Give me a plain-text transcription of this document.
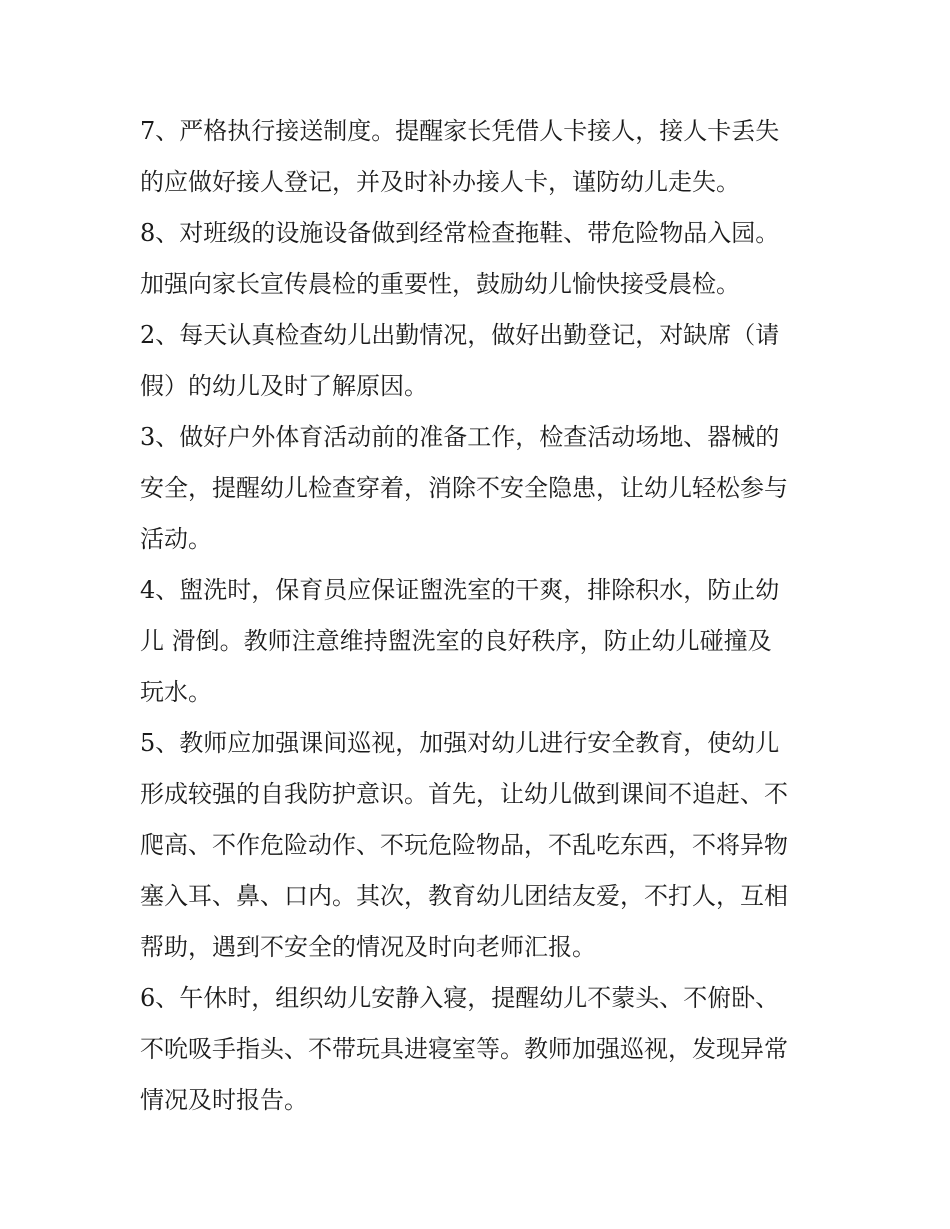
7、严格执行接送制度。提醒家长凭借人卡接人，接人卡丢失
的应做好接人登记，并及时补办接人卡，谨防幼儿走失。
8、对班级的设施设备做到经常检查拖鞋、带危险物品入园。
加强向家长宣传晨检的重要性，鼓励幼儿愉快接受晨检。
2、每天认真检查幼儿出勤情况，做好出勤登记，对缺席（请
假）的幼儿及时了解原因。
3、做好户外体育活动前的准备工作，检查活动场地、器械的
安全，提醒幼儿检查穿着，消除不安全隐患，让幼儿轻松参与
活动。
4、盥洗时，保育员应保证盥洗室的干爽，排除积水，防止幼
儿 滑倒。教师注意维持盥洗室的良好秩序，防止幼儿碰撞及
玩水。
5、教师应加强课间巡视，加强对幼儿进行安全教育，使幼儿
形成较强的自我防护意识。首先，让幼儿做到课间不追赶、不
爬高、不作危险动作、不玩危险物品，不乱吃东西，不将异物
塞入耳、鼻、口内。其次，教育幼儿团结友爱，不打人，互相
帮助，遇到不安全的情况及时向老师汇报。
6、午休时，组织幼儿安静入寝，提醒幼儿不蒙头、不俯卧、
不吮吸手指头、不带玩具进寝室等。教师加强巡视，发现异常
情况及时报告。
